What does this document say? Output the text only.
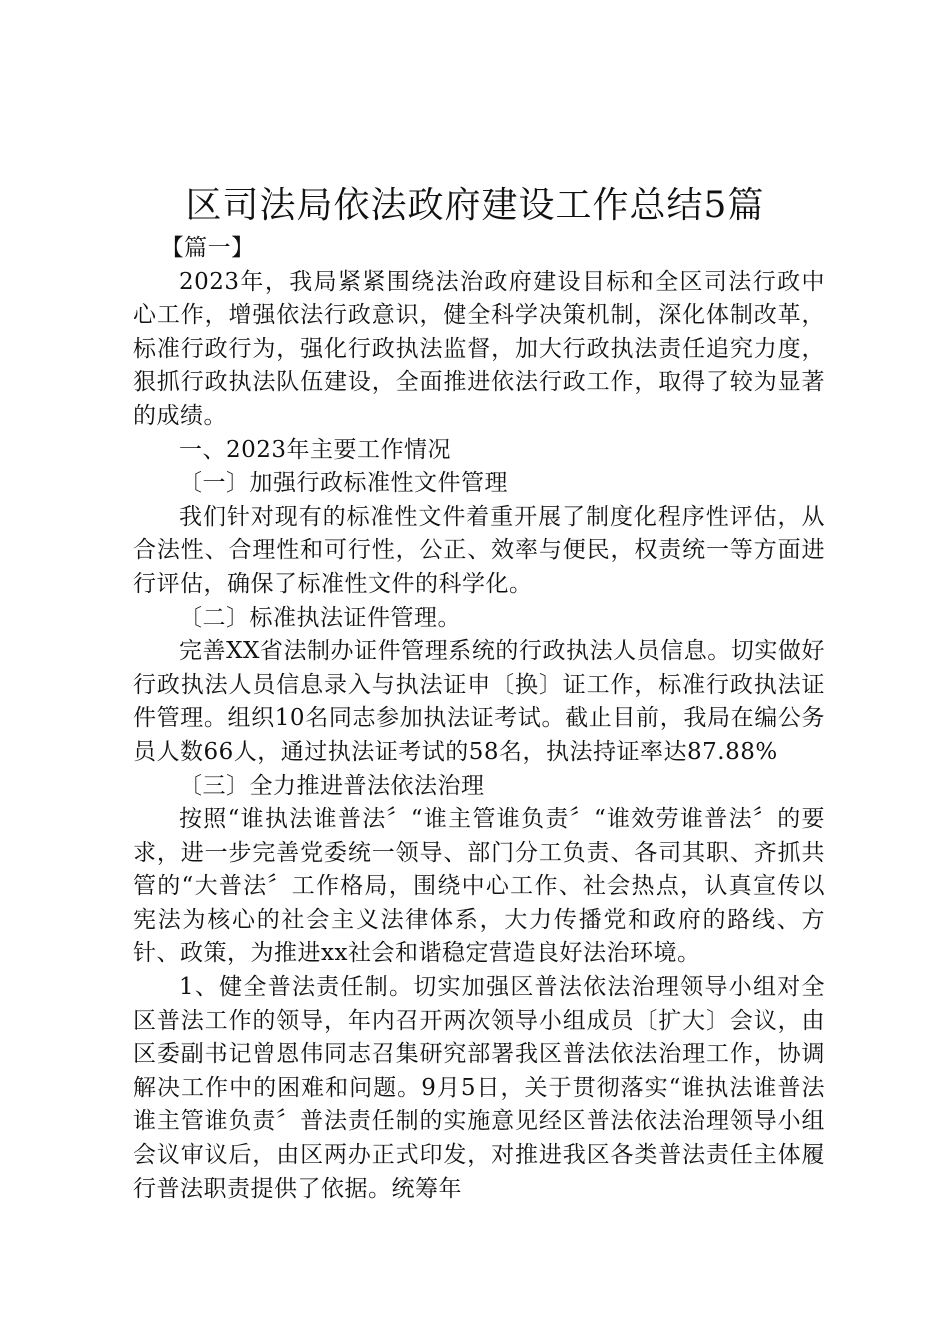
区司法局依法政府建设工作总结5篇

【篇一】

2023年，我局紧紧围绕法治政府建设目标和全区司法行政中心工作，增强依法行政意识，健全科学决策机制，深化体制改革，标准行政行为，强化行政执法监督，加大行政执法责任追究力度，狠抓行政执法队伍建设，全面推进依法行政工作，取得了较为显著的成绩。

一、2023年主要工作情况

〔一〕加强行政标准性文件管理

我们针对现有的标准性文件着重开展了制度化程序性评估，从合法性、合理性和可行性，公正、效率与便民，权责统一等方面进行评估，确保了标准性文件的科学化。

〔二〕标准执法证件管理。

完善XX省法制办证件管理系统的行政执法人员信息。切实做好行政执法人员信息录入与执法证申〔换〕证工作，标准行政执法证件管理。组织10名同志参加执法证考试。截止目前，我局在编公务员人数66人，通过执法证考试的58名，执法持证率达87.88%

〔三〕全力推进普法依法治理

按照“谁执法谁普法〞“谁主管谁负责〞“谁效劳谁普法〞的要求，进一步完善党委统一领导、部门分工负责、各司其职、齐抓共管的“大普法〞工作格局，围绕中心工作、社会热点，认真宣传以宪法为核心的社会主义法律体系，大力传播党和政府的路线、方针、政策，为推进xx社会和谐稳定营造良好法治环境。

1、健全普法责任制。切实加强区普法依法治理领导小组对全区普法工作的领导，年内召开两次领导小组成员〔扩大〕会议，由区委副书记曾恩伟同志召集研究部署我区普法依法治理工作，协调解决工作中的困难和问题。9月5日，关于贯彻落实“谁执法谁普法谁主管谁负责〞普法责任制的实施意见经区普法依法治理领导小组会议审议后，由区两办正式印发，对推进我区各类普法责任主体履行普法职责提供了依据。统筹年
